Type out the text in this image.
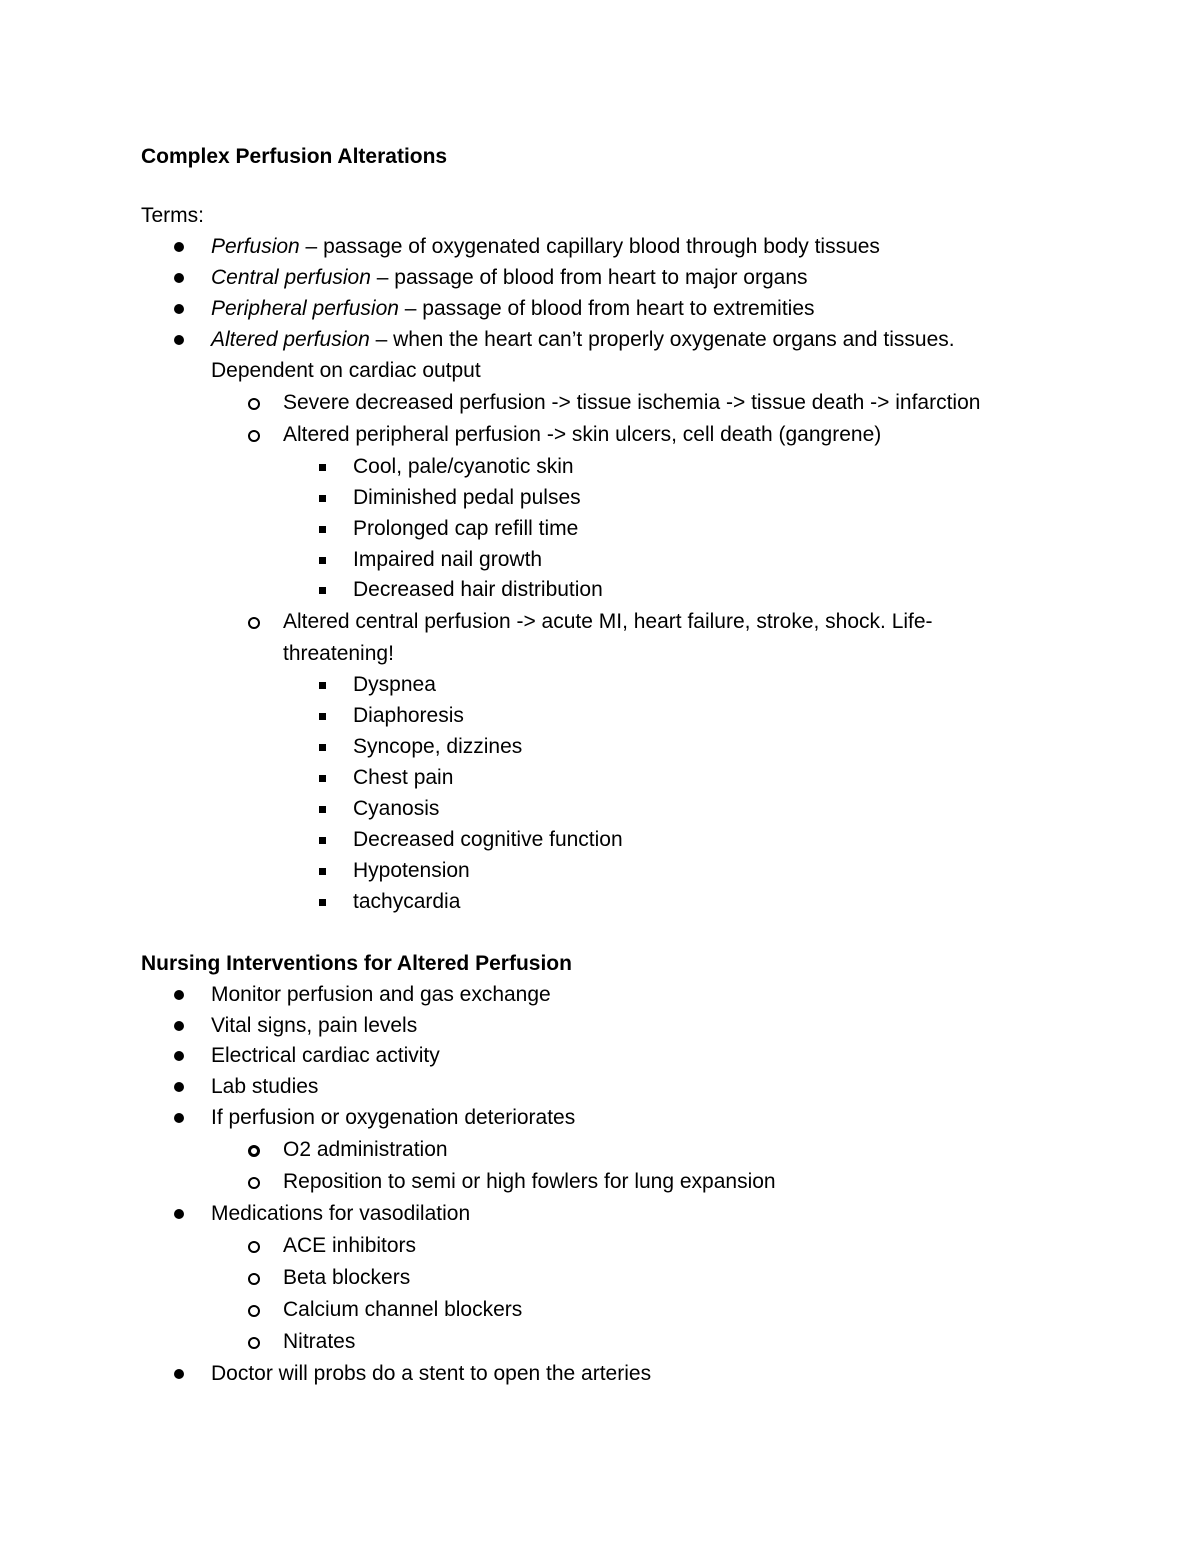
Complex Perfusion Alterations
Terms:
Perfusion – passage of oxygenated capillary blood through body tissues
Central perfusion – passage of blood from heart to major organs
Peripheral perfusion – passage of blood from heart to extremities
Altered perfusion – when the heart can’t properly oxygenate organs and tissues.
Dependent on cardiac output
Severe decreased perfusion -> tissue ischemia -> tissue death -> infarction
Altered peripheral perfusion -> skin ulcers, cell death (gangrene)
Cool, pale/cyanotic skin
Diminished pedal pulses
Prolonged cap refill time
Impaired nail growth
Decreased hair distribution
Altered central perfusion -> acute MI, heart failure, stroke, shock. Life-
threatening!
Dyspnea
Diaphoresis
Syncope, dizzines
Chest pain
Cyanosis
Decreased cognitive function
Hypotension
tachycardia
Nursing Interventions for Altered Perfusion
Monitor perfusion and gas exchange
Vital signs, pain levels
Electrical cardiac activity
Lab studies
If perfusion or oxygenation deteriorates
O2 administration
Reposition to semi or high fowlers for lung expansion
Medications for vasodilation
ACE inhibitors
Beta blockers
Calcium channel blockers
Nitrates
Doctor will probs do a stent to open the arteries
